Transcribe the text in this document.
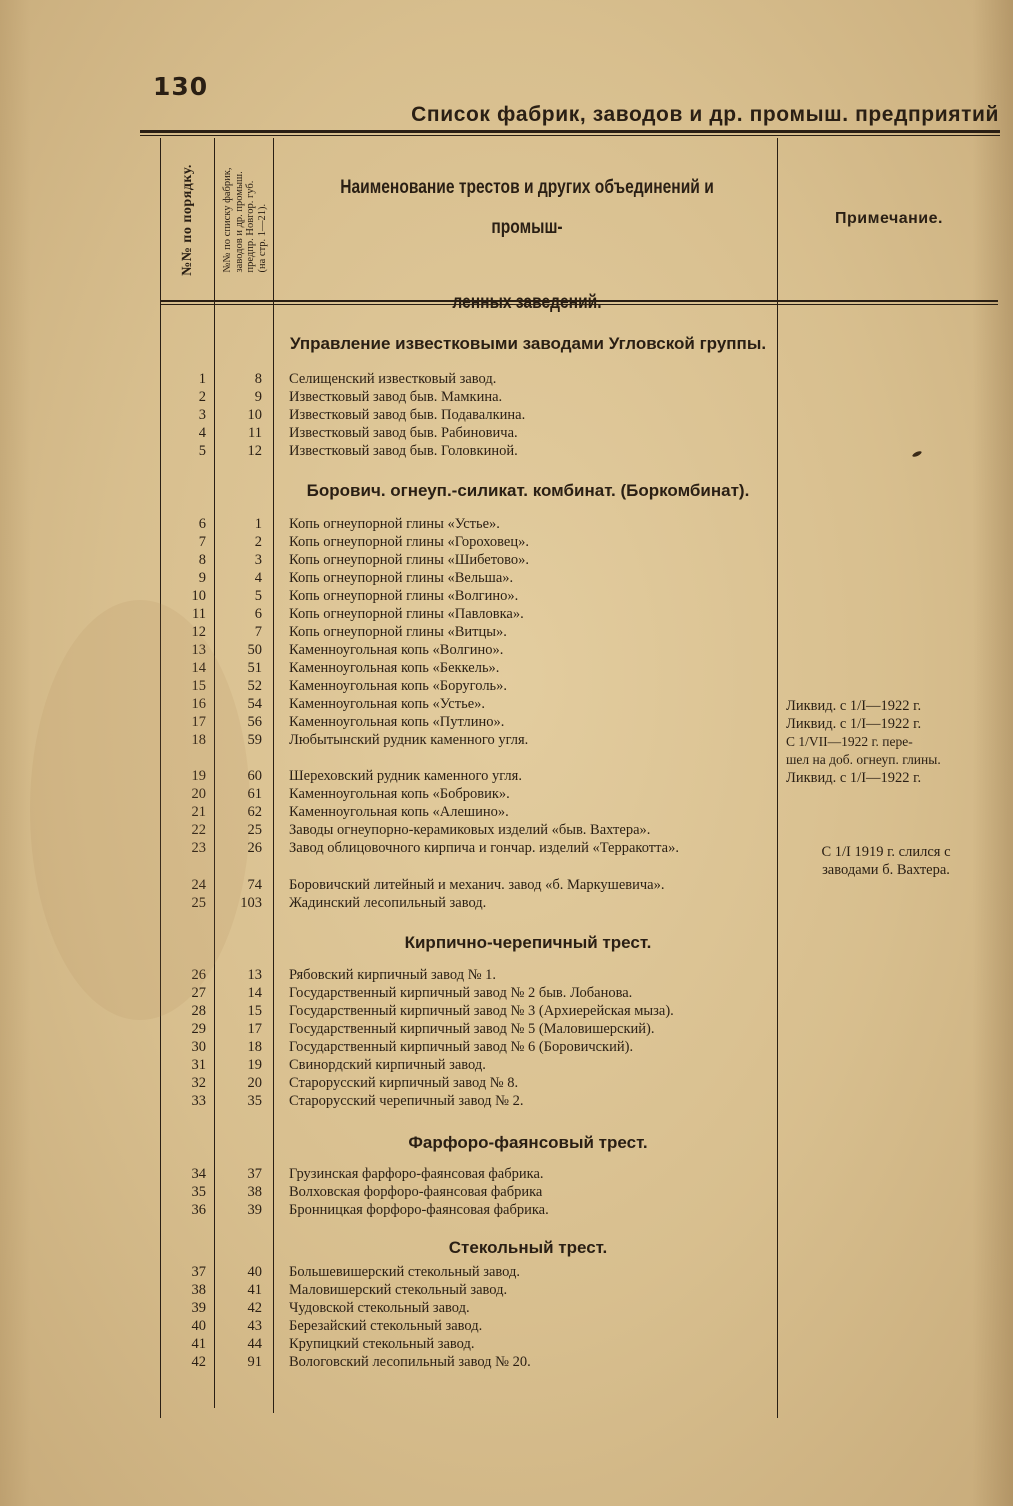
130
Список фабрик, заводов и др. промыш. предприятий
№№ по порядку.	№№ по списку фабрик,
заводов и др. промыш.
предпр. Новгор. губ.
(на стр. 1—21).
Наименование трестов и других объединений и промыш-
ленных заведений.
Примечание.
Управление известковыми заводами Угловской группы.
Борович. огнеуп.-силикат. комбинат. (Боркомбинат).
Кирпично-черепичный трест.
Фарфоро-фаянсовый трест.
Стекольный трест.
1	8 Селищенский известковый завод.
2	9 Известковый завод быв. Мамкина.
3	10 Известковый завод быв. Подавалкина.
4	11 Известковый завод быв. Рабиновича.
5	12 Известковый завод быв. Головкиной.
6	1 Копь огнеупорной глины «Устье».
7	2 Копь огнеупорной глины «Гороховец».
8	3 Копь огнеупорной глины «Шибетово».
9	4 Копь огнеупорной глины «Вельша».
10	5 Копь огнеупорной глины «Волгино».
11	6 Копь огнеупорной глины «Павловка».
12	7 Копь огнеупорной глины «Витцы».
13	50 Каменноугольная копь «Волгино».
14	51 Каменноугольная копь «Беккель».
15	52 Каменноугольная копь «Боруголь».
16	54 Каменноугольная копь «Устье».	Ликвид. с 1/I—1922 г.
17	56 Каменноугольная копь «Путлино».	Ликвид. с 1/I—1922 г.
18	59 Любытынский рудник каменного угля.	С 1/VII—1922 г. пере-
шел на доб. огнеуп. глины.
19	60 Шереховский рудник каменного угля.	Ликвид. с 1/I—1922 г.
20	61 Каменноугольная копь «Бобровик».
21	62 Каменноугольная копь «Алешино».
22	25 Заводы огнеупорно-керамиковых изделий «быв. Вахтера».
23	26 Завод облицовочного кирпича и гончар. изделий «Терракотта».	С 1/I 1919 г. слился с
заводами б. Вахтера.
24	74 Боровичский литейный и механич. завод «б. Маркушевича».
25	103 Жадинский лесопильный завод.
26	13 Рябовский кирпичный завод № 1.
27	14 Государственный кирпичный завод № 2 быв. Лобанова.
28	15 Государственный кирпичный завод № 3 (Архиерейская мыза).
29	17 Государственный кирпичный завод № 5 (Маловишерский).
30	18 Государственный кирпичный завод № 6 (Боровичский).
31	19 Свинордский кирпичный завод.
32	20 Старорусский кирпичный завод № 8.
33	35 Старорусский черепичный завод № 2.
34	37 Грузинская фарфоро-фаянсовая фабрика.
35	38 Волховская форфоро-фаянсовая фабрика
36	39 Бронницкая форфоро-фаянсовая фабрика.
37	40 Большевишерский стекольный завод.
38	41 Маловишерский стекольный завод.
39	42 Чудовской стекольный завод.
40	43 Березайский стекольный завод.
41	44 Крупицкий стекольный завод.
42	91 Вологовский лесопильный завод № 20.
